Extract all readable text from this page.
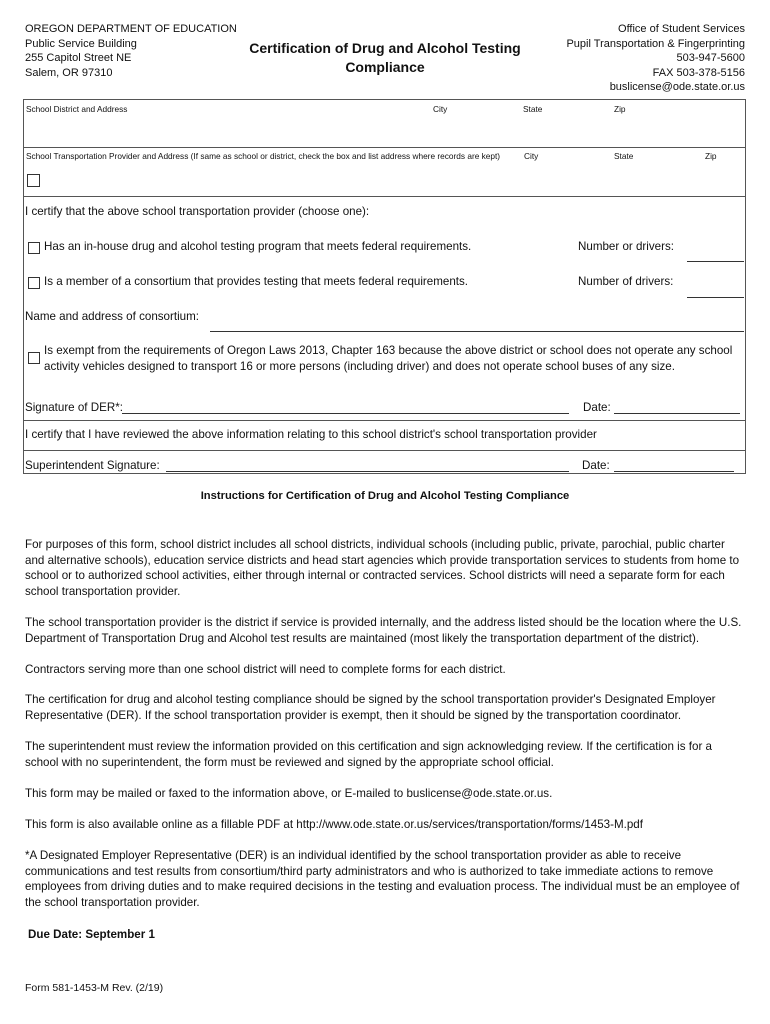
OREGON DEPARTMENT OF EDUCATION
Public Service Building
255 Capitol Street NE
Salem, OR 97310
Certification of Drug and Alcohol Testing
Compliance
Office of Student Services
Pupil Transportation & Fingerprinting
503-947-5600
FAX 503-378-5156
buslicense@ode.state.or.us
School District and Address	City	State	Zip
School Transportation Provider and Address (If same as school or district, check the box and list address where records are kept)	City	State	Zip
I certify that the above school transportation provider (choose one):
Has an in-house drug and alcohol testing program that meets federal requirements.	Number or drivers:
Is a member of a consortium that provides testing that meets federal requirements.	Number of drivers:
Name and address of consortium:
Is exempt from the requirements of Oregon Laws 2013, Chapter 163 because the above district or school does not operate any school
activity vehicles designed to transport 16 or more persons (including driver) and does not operate school buses of any size.
Signature of DER*:	Date:
I certify that I have reviewed the above information relating to this school district's school transportation provider
Superintendent Signature:	Date:
Instructions for Certification of Drug and Alcohol Testing Compliance
For purposes of this form, school district includes all school districts, individual schools (including public, private, parochial, public charter and alternative schools), education service districts and head start agencies which provide transportation services to students from home to school or to authorized school activities, either through internal or contracted services. School districts will need a separate form for each school transportation provider.
The school transportation provider is the district if service is provided internally, and the address listed should be the location where the U.S. Department of Transportation Drug and Alcohol test results are maintained (most likely the transportation department of the district).
Contractors serving more than one school district will need to complete forms for each district.
The certification for drug and alcohol testing compliance should be signed by the school transportation provider's Designated Employer Representative (DER). If the school transportation provider is exempt, then it should be signed by the transportation coordinator.
The superintendent must review the information provided on this certification and sign acknowledging review. If the certification is for a school with no superintendent, the form must be reviewed and signed by the appropriate school official.
This form may be mailed or faxed to the information above, or E-mailed to buslicense@ode.state.or.us.
This form is also available online as a fillable PDF at http://www.ode.state.or.us/services/transportation/forms/1453-M.pdf
*A Designated Employer Representative (DER) is an individual identified by the school transportation provider as able to receive communications and test results from consortium/third party administrators and who is authorized to take immediate actions to remove employees from driving duties and to make required decisions in the testing and evaluation process. The individual must be an employee of the school transportation provider.
Due Date: September 1
Form 581-1453-M Rev. (2/19)
